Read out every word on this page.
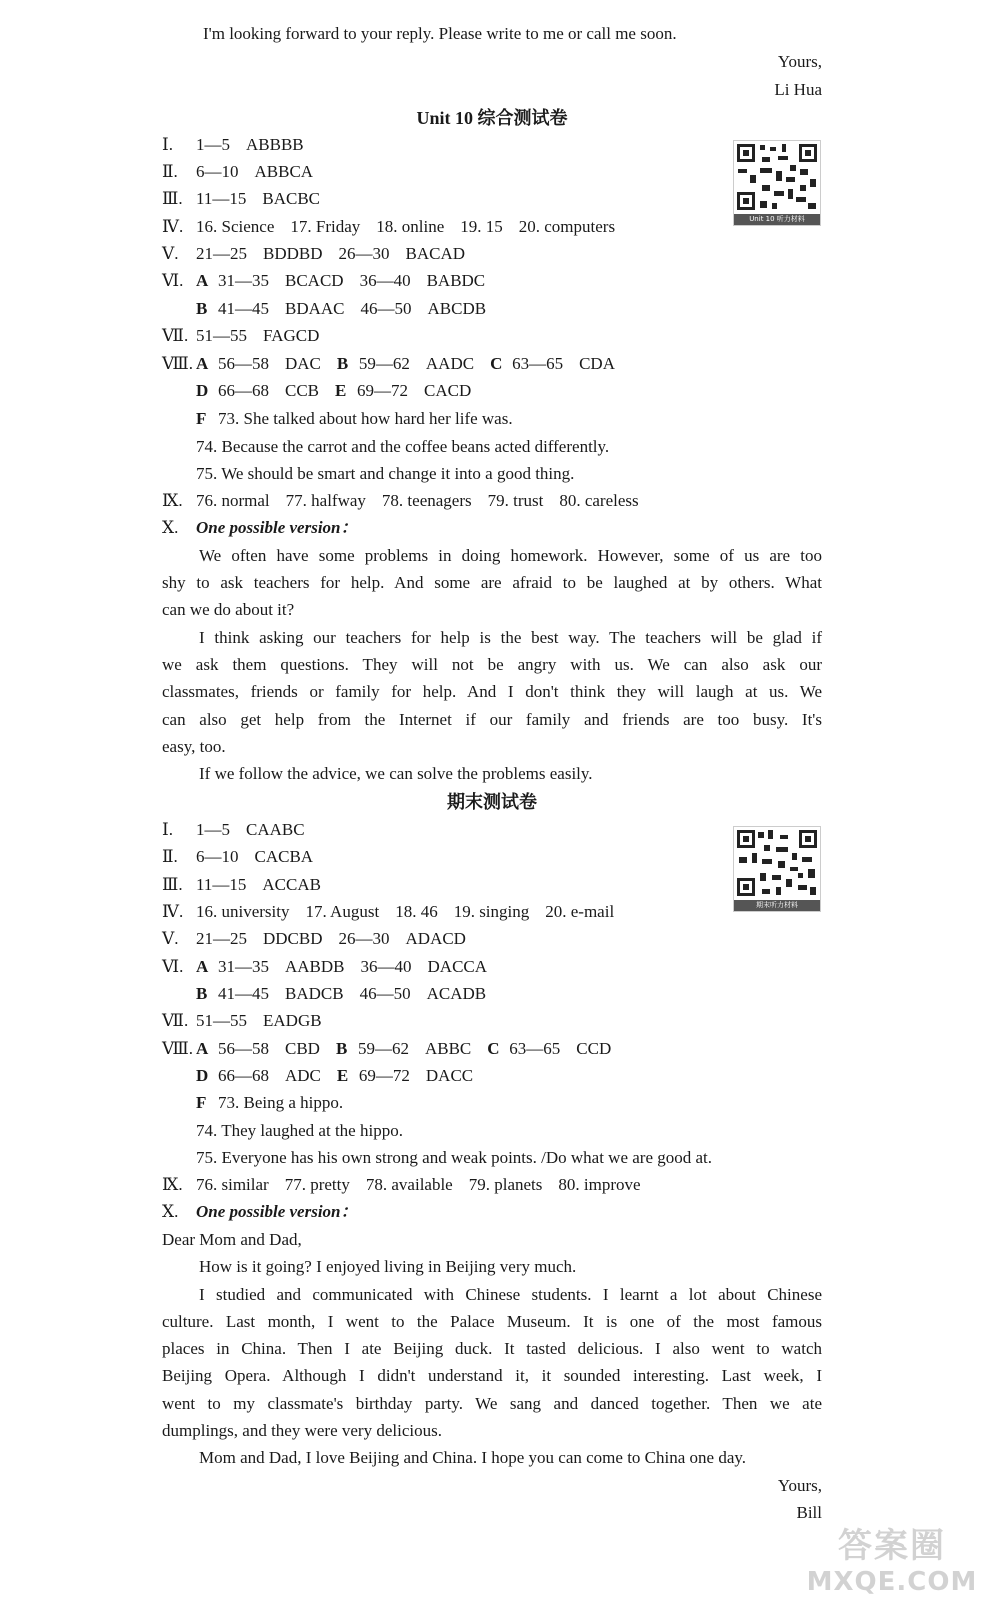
I'm looking forward to your reply. Please write to me or call me soon.
Yours,
Li Hua
Unit 10 综合测试卷
Unit 10 听力材料
Ⅰ. 1—5 ABBBB
Ⅱ. 6—10 ABBCA
Ⅲ. 11—15 BACBC
Ⅳ. 16. Science 17. Friday 18. online 19. 15 20. computers
Ⅴ. 21—25 BDDBD 26—30 BACAD
Ⅵ. A 31—35 BCACD 36—40 BABDC
B 41—45 BDAAC 46—50 ABCDB
Ⅶ. 51—55 FAGCD
Ⅷ. A 56—58 DAC B 59—62 AADC C 63—65 CDA
D 66—68 CCB E 69—72 CACD
F 73. She talked about how hard her life was.
74. Because the carrot and the coffee beans acted differently.
75. We should be smart and change it into a good thing.
Ⅸ. 76. normal 77. halfway 78. teenagers 79. trust 80. careless
Ⅹ. One possible version：
We often have some problems in doing homework. However, some of us are too
shy to ask teachers for help. And some are afraid to be laughed at by others. What
can we do about it?
I think asking our teachers for help is the best way. The teachers will be glad if
we ask them questions. They will not be angry with us. We can also ask our
classmates, friends or family for help. And I don't think they will laugh at us. We
can also get help from the Internet if our family and friends are too busy. It's
easy, too.
If we follow the advice, we can solve the problems easily.
期末测试卷
期末听力材料
Ⅰ. 1—5 CAABC
Ⅱ. 6—10 CACBA
Ⅲ. 11—15 ACCAB
Ⅳ. 16. university 17. August 18. 46 19. singing 20. e-mail
Ⅴ. 21—25 DDCBD 26—30 ADACD
Ⅵ. A 31—35 AABDB 36—40 DACCA
B 41—45 BADCB 46—50 ACADB
Ⅶ. 51—55 EADGB
Ⅷ. A 56—58 CBD B 59—62 ABBC C 63—65 CCD
D 66—68 ADC E 69—72 DACC
F 73. Being a hippo.
74. They laughed at the hippo.
75. Everyone has his own strong and weak points. /Do what we are good at.
Ⅸ. 76. similar 77. pretty 78. available 79. planets 80. improve
Ⅹ. One possible version：
Dear Mom and Dad,
How is it going? I enjoyed living in Beijing very much.
I studied and communicated with Chinese students. I learnt a lot about Chinese
culture. Last month, I went to the Palace Museum. It is one of the most famous
places in China. Then I ate Beijing duck. It tasted delicious. I also went to watch
Beijing Opera. Although I didn't understand it, it sounded interesting. Last week, I
went to my classmate's birthday party. We sang and danced together. Then we ate
dumplings, and they were very delicious.
Mom and Dad, I love Beijing and China. I hope you can come to China one day.
Yours,
Bill
答案圈
MXQE.COM
